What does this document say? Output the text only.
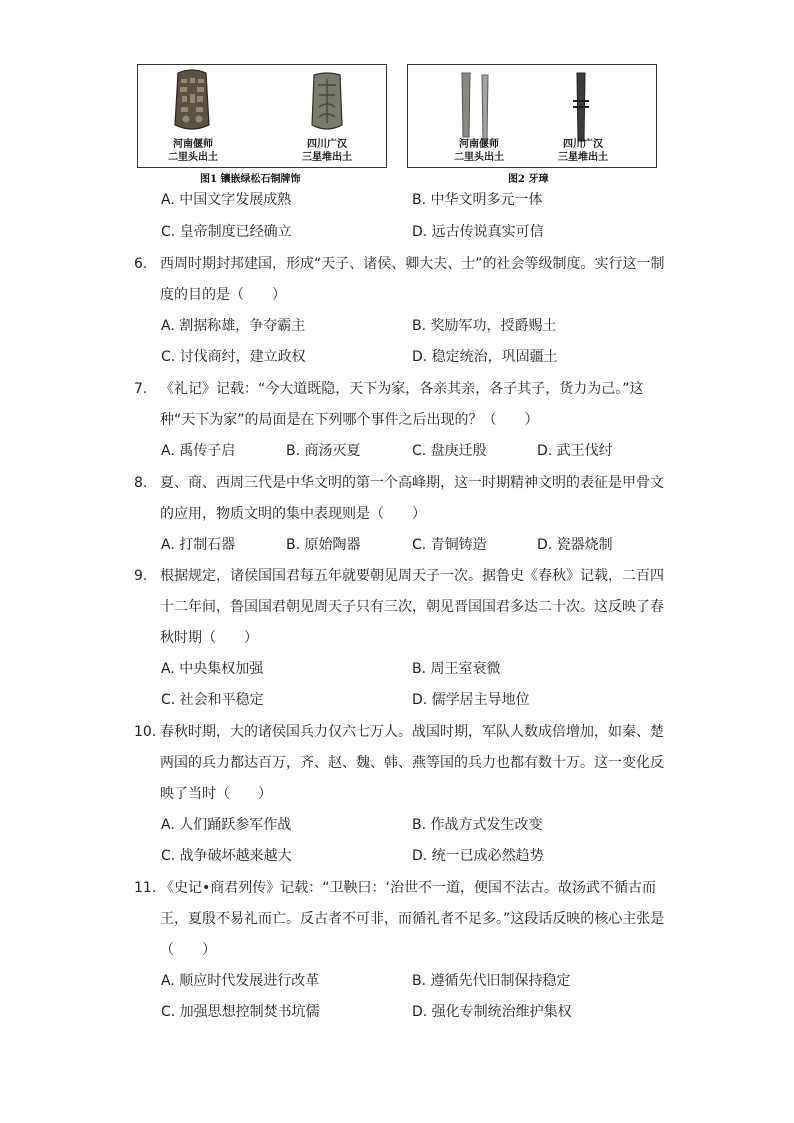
河南偃师
二里头出土
四川广汉
三星堆出土
图1 镶嵌绿松石铜牌饰
河南偃师
二里头出土
四川广汉
三星堆出土
图2 牙璋
A. 中国文字发展成熟	B. 中华文明多元一体
C. 皇帝制度已经确立	D. 远古传说真实可信
6. 西周时期封邦建国，形成“天子、诸侯、卿大夫、士”的社会等级制度。实行这一制度的目的是（　　）
A. 割据称雄，争夺霸主	B. 奖励军功，授爵赐土
C. 讨伐商纣，建立政权	D. 稳定统治，巩固疆土
7. 《礼记》记载：“今大道既隐，天下为家，各亲其亲，各子其子，货力为己。”这种“天下为家”的局面是在下列哪个事件之后出现的？（　　）
A. 禹传子启	B. 商汤灭夏	C. 盘庚迁殷	D. 武王伐纣
8. 夏、商、西周三代是中华文明的第一个高峰期，这一时期精神文明的表征是甲骨文的应用，物质文明的集中表现则是（　　）
A. 打制石器	B. 原始陶器	C. 青铜铸造	D. 瓷器烧制
9. 根据规定，诸侯国国君每五年就要朝见周天子一次。据鲁史《春秋》记载，二百四十二年间，鲁国国君朝见周天子只有三次，朝见晋国国君多达二十次。这反映了春秋时期（　　）
A. 中央集权加强	B. 周王室衰微
C. 社会和平稳定	D. 儒学居主导地位
10. 春秋时期，大的诸侯国兵力仅六七万人。战国时期，军队人数成倍增加，如秦、楚两国的兵力都达百万，齐、赵、魏、韩、燕等国的兵力也都有数十万。这一变化反映了当时（　　）
A. 人们踊跃参军作战	B. 作战方式发生改变
C. 战争破坏越来越大	D. 统一已成必然趋势
11. 《史记•商君列传》记载：“卫鞅曰：‘治世不一道，便国不法古。故汤武不循古而王，夏殷不易礼而亡。反古者不可非，而循礼者不足多。”这段话反映的核心主张是（　　）
A. 顺应时代发展进行改革	B. 遵循先代旧制保持稳定
C. 加强思想控制焚书坑儒	D. 强化专制统治维护集权
